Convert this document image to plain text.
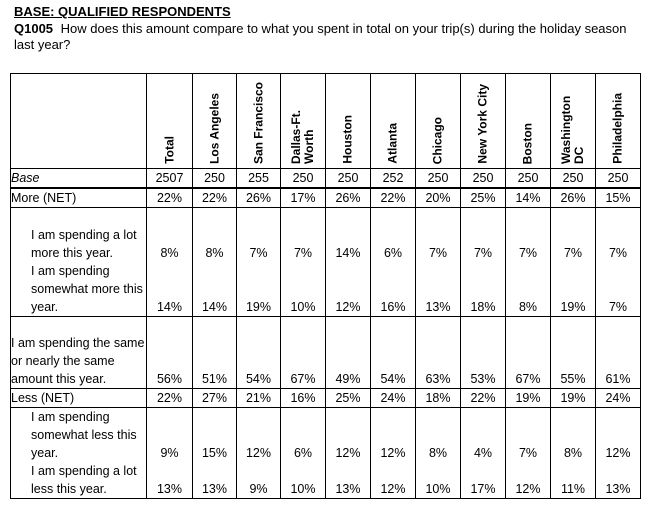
BASE: QUALIFIED RESPONDENTS
Q1005 How does this amount compare to what you spent in total on your trip(s) during the holiday season last year?

	Total	Los Angeles	San Francisco	Dallas-Ft. Worth	Houston	Atlanta	Chicago	New York City	Boston	Washington DC	Philadelphia

Base	2507	250	255	250	250	252	250	250	250	250	250
More (NET)	22%	22%	26%	17%	26%	22%	20%	25%	14%	26%	15%
I am spending a lot more this year.	8%	8%	7%	7%	14%	6%	7%	7%	7%	7%	7%
I am spending somewhat more this year.	14%	14%	19%	10%	12%	16%	13%	18%	8%	19%	7%
I am spending the same or nearly the same amount this year.	56%	51%	54%	67%	49%	54%	63%	53%	67%	55%	61%
Less (NET)	22%	27%	21%	16%	25%	24%	18%	22%	19%	19%	24%
I am spending somewhat less this year.	9%	15%	12%	6%	12%	12%	8%	4%	7%	8%	12%
I am spending a lot less this year.	13%	13%	9%	10%	13%	12%	10%	17%	12%	11%	13%
